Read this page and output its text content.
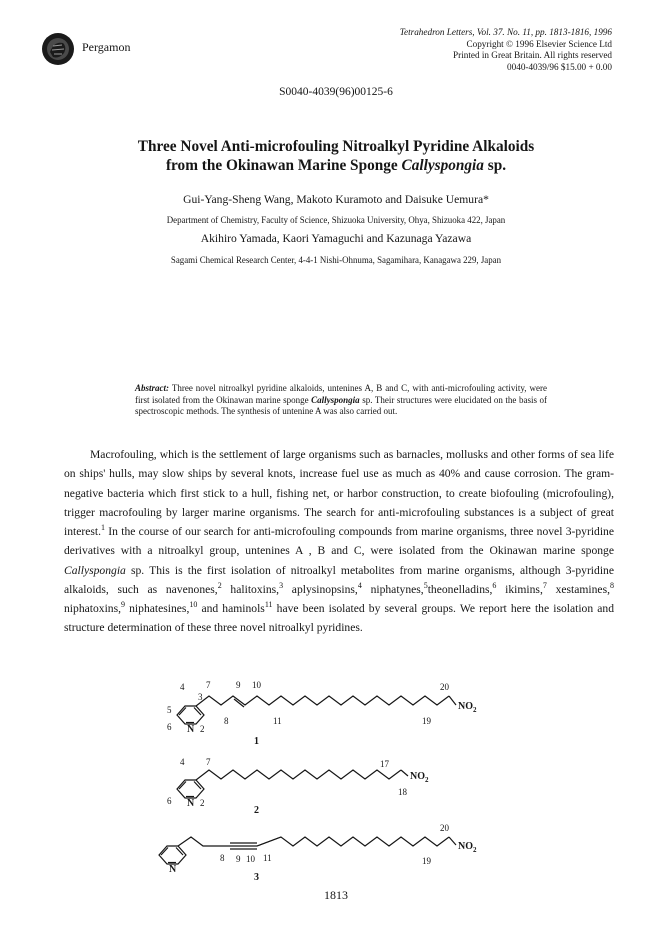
Pergamon
Tetrahedron Letters, Vol. 37. No. 11, pp. 1813-1816, 1996
Copyright © 1996 Elsevier Science Ltd
Printed in Great Britain. All rights reserved
0040-4039/96 $15.00 + 0.00
S0040-4039(96)00125-6
Three Novel Anti-microfouling Nitroalkyl Pyridine Alkaloids
from the Okinawan Marine Sponge Callyspongia sp.
Gui-Yang-Sheng Wang, Makoto Kuramoto and Daisuke Uemura*
Department of Chemistry, Faculty of Science, Shizuoka University, Ohya, Shizuoka 422, Japan
Akihiro Yamada, Kaori Yamaguchi and Kazunaga Yazawa
Sagami Chemical Research Center, 4-4-1 Nishi-Ohnuma, Sagamihara, Kanagawa 229, Japan
Abstract: Three novel nitroalkyl pyridine alkaloids, untenines A, B and C, with anti-microfouling activity, were first isolated from the Okinawan marine sponge Callyspongia sp. Their structures were elucidated on the basis of spectroscopic methods. The synthesis of untenine A was also carried out.

Macrofouling, which is the settlement of large organisms such as barnacles, mollusks and other forms of sea life on ships' hulls, may slow ships by several knots, increase fuel use as much as 40% and cause corrosion. The gram-negative bacteria which first stick to a hull, fishing net, or harbor construction, to create biofouling (microfouling), trigger macrofouling by larger marine organisms. The search for anti-microfouling substances is a subject of great interest.$^1$ In the course of our search for anti-microfouling compounds from marine organisms, three novel 3-pyridine derivatives with a nitroalkyl group, untenines A , B and C, were isolated from the Okinawan marine sponge Callyspongia sp. This is the first isolation of nitroalkyl metabolites from marine organisms, although 3-pyridine alkaloids, such as navenones,$^2$ halitoxins,$^3$ aplysinopsins,$^4$ niphatynes,$^5$theonelladins,$^6$ ikimins,$^7$ xestamines,$^8$ niphatoxins,$^9$ niphatesines,$^{10}$ and haminols$^{11}$ have been isolated by several groups. We report here the isolation and structure determination of these three novel nitroalkyl pyridines.

N
$NO_2$
4
3
7	9 10	20
5
6	2
8	11	19
1
N
$NO_2$
4 7	17
18
6	2
2
N
$NO_2$
8 9 10 11
20
19
3
1813
